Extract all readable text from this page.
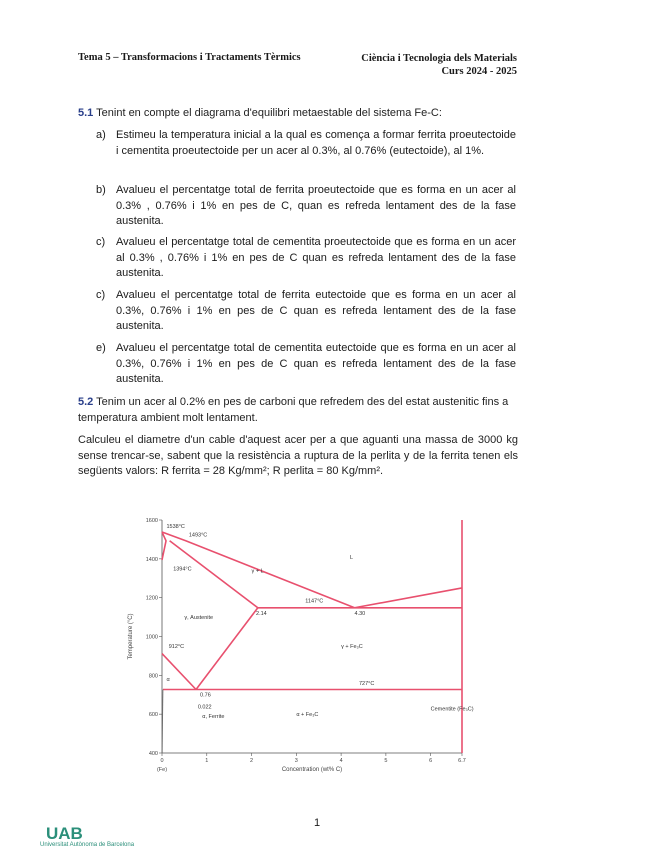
Tema 5 – Transformacions i Tractaments Tèrmics	Ciència i Tecnologia dels Materials
Curs 2024 - 2025
5.1 Tenint en compte el diagrama d'equilibri metaestable del sistema Fe-C:
a) Estimeu la temperatura inicial a la qual es comença a formar ferrita proeutectoide i cementita proeutectoide per un acer al 0.3%, al 0.76% (eutectoide), al 1%.
b) Avalueu el percentatge total de ferrita proeutectoide que es forma en un acer al 0.3% , 0.76% i 1% en pes de C, quan es refreda lentament des de la fase austenita.
c) Avalueu el percentatge total de cementita proeutectoide que es forma en un acer al 0.3% , 0.76% i 1% en pes de C quan es refreda lentament des de la fase austenita.
c) Avalueu el percentatge total de ferrita eutectoide que es forma en un acer al 0.3%, 0.76% i 1% en pes de C quan es refreda lentament des de la fase austenita.
e) Avalueu el percentatge total de cementita eutectoide que es forma en un acer al 0.3%, 0.76% i 1% en pes de C quan es refreda lentament des de la fase austenita.
5.2 Tenim un acer al 0.2% en pes de carboni que refredem des del estat austenitic fins a temperatura ambient molt lentament.
Calculeu el diametre d'un cable d'aquest acer per a que aguanti una massa de 3000 kg sense trencar-se, sabent que la resistència a ruptura de la perlita y de la ferrita tenen els següents valors: R ferrita = 28 Kg/mm²; R perlita = 80 Kg/mm².
1600
1400
1200
1000
800
600
400
0	1	2	3	4	5	6	6.7
(Fe)	Concentration (wt% C)
Temperature (°C)
1538°C
1493°C
L
1394°C	γ + L
1147°C
2.14	4.30
γ, Austenite
912°C	γ + Fe₃C
727°C
α
0.76
0.022
α, Ferrite	α + Fe₃C
Cementite (Fe₃C)
1
UAB
Universitat Autònoma de Barcelona
